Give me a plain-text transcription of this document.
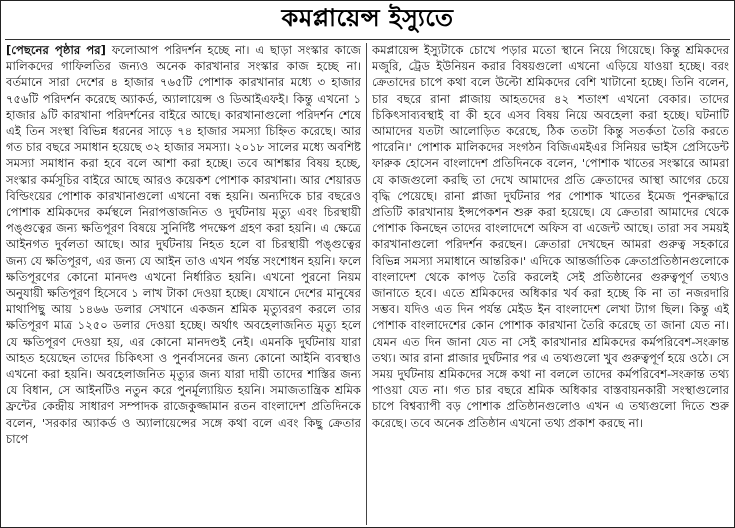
কমপ্লায়েন্স ইস্যুতে

[পেছনের পৃষ্ঠার পর] ফলোআপ পরিদর্শন হচ্ছে না। এ ছাড়া সংস্কার কাজে মালিকদের গাফিলতির জন্যও অনেক কারখানার সংস্কার কাজ হচ্ছে না। বর্তমানে সারা দেশের ৪ হাজার ৭৬৫টি পোশাক কারখানার মধ্যে ৩ হাজার ৭৫৬টি পরিদর্শন করেছে অ্যাকর্ড, অ্যালায়েন্স ও ডিআইএফই। কিন্তু এখনো ১ হাজার ৯টি কারখানা পরিদর্শনের বাইরে আছে। কারখানাগুলো পরিদর্শন শেষে এই তিন সংস্থা বিভিন্ন ধরনের সাড়ে ৭৪ হাজার সমস্যা চিহ্নিত করেছে। আর গত চার বছরে সমাধান হয়েছে ৩২ হাজার সমস্যা। ২০১৮ সালের মধ্যে অবশিষ্ট সমস্যা সমাধান করা হবে বলে আশা করা হচ্ছে। তবে আশঙ্কার বিষয় হচ্ছে, সংস্কার কর্মসূচির বাইরে আছে আরও কয়েকশ পোশাক কারখানা। আর শেয়ারড বিল্ডিংয়ের পোশাক কারখানাগুলো এখনো বন্ধ হয়নি। অন্যদিকে চার বছরেও পোশাক শ্রমিকদের কর্মস্থলে নিরাপত্তাজনিত ও দুর্ঘটনায় মৃত্যু এবং চিরস্থায়ী পঙ্গুত্বের জন্য ক্ষতিপূরণ বিষয়ে সুনির্দিষ্ট পদক্ষেপ গ্রহণ করা হয়নি। এ ক্ষেত্রে আইনগত দুর্বলতা আছে। আর দুর্ঘটনায় নিহত হলে বা চিরস্থায়ী পঙ্গুত্বের জন্য যে ক্ষতিপূরণ, এর জন্য যে আইন তাও এখন পর্যন্ত সংশোধন হয়নি। ফলে ক্ষতিপূরণের কোনো মানদণ্ড এখনো নির্ধারিত হয়নি। এখনো পুরনো নিয়ম অনুযায়ী ক্ষতিপূরণ হিসেবে ১ লাখ টাকা দেওয়া হচ্ছে। যেখানে দেশের মানুষের মাথাপিছু আয় ১৪৬৬ ডলার সেখানে একজন শ্রমিক মৃত্যুবরণ করলে তার ক্ষতিপূরণ মাত্র ১২৫০ ডলার দেওয়া হচ্ছে। অর্থাৎ অবহেলাজনিত মৃত্যু হলে যে ক্ষতিপূরণ দেওয়া হয়, এর কোনো মানদণ্ডই নেই। এমনকি দুর্ঘটনায় যারা আহত হয়েছেন তাদের চিকিৎসা ও পুনর্বাসনের জন্য কোনো আইনি ব্যবস্থাও এখনো করা হয়নি। অবহেলাজনিত মৃত্যুর জন্য যারা দায়ী তাদের শাস্তির জন্য যে বিধান, সে আইনটিও নতুন করে পুনর্মূল্যায়িত হয়নি। সমাজতান্ত্রিক শ্রমিক ফ্রন্টের কেন্দ্রীয় সাধারণ সম্পাদক রাজেকুজ্জামান রতন বাংলাদেশ প্রতিদিনকে বলেন, 'সরকার অ্যাকর্ড ও অ্যালায়েন্সের সঙ্গে কথা বলে এবং কিছু ক্রেতার চাপে

কমপ্লায়েন্স ইস্যুটাকে চোখে পড়ার মতো স্থানে নিয়ে গিয়েছে। কিন্তু শ্রমিকদের মজুরি, ট্রেড ইউনিয়ন করার বিষয়গুলো এখনো এড়িয়ে যাওয়া হচ্ছে। বরং ক্রেতাদের চাপে কথা বলে উল্টো শ্রমিকদের বেশি খাটানো হচ্ছে। তিনি বলেন, চার বছরে রানা প্লাজায় আহতদের ৪২ শতাংশ এখনো বেকার। তাদের চিকিৎসাব্যবস্থাই বা কী হবে এসব বিষয় নিয়ে অবহেলা করা হচ্ছে। ঘটনাটি আমাদের যতটা আলোড়িত করেছে, ঠিক ততটা কিন্তু সতর্কতা তৈরি করতে পারেনি।' পোশাক মালিকদের সংগঠন বিজিএমইএর সিনিয়র ভাইস প্রেসিডেন্ট ফারুক হোসেন বাংলাদেশ প্রতিদিনকে বলেন, 'পোশাক খাতের সংস্কারে আমরা যে কাজগুলো করছি তা দেখে আমাদের প্রতি ক্রেতাদের আস্থা আগের চেয়ে বৃদ্ধি পেয়েছে। রানা প্লাজা দুর্ঘটনার পর পোশাক খাতের ইমেজ পুনরুদ্ধারে প্রতিটি কারখানায় ইন্সপেকশন শুরু করা হয়েছে। যে ক্রেতারা আমাদের থেকে পোশাক কিনছেন তাদের বাংলাদেশে অফিস বা এজেন্ট আছে। তারা সব সময়ই কারখানাগুলো পরিদর্শন করছেন। ক্রেতারা দেখছেন আমরা গুরুত্ব সহকারে বিভিন্ন সমস্যা সমাধানে আন্তরিক।' এদিকে আন্তর্জাতিক ক্রেতাপ্রতিষ্ঠানগুলোকে বাংলাদেশ থেকে কাপড় তৈরি করলেই সেই প্রতিষ্ঠানের গুরুত্বপূর্ণ তথ্যও জানাতে হবে। এতে শ্রমিকদের অধিকার খর্ব করা হচ্ছে কি না তা নজরদারি সম্ভব। যদিও এত দিন পর্যন্ত মেইড ইন বাংলাদেশ লেখা ট্যাগ ছিল। কিন্তু এই পোশাক বাংলাদেশের কোন পোশাক কারখানা তৈরি করেছে তা জানা যেত না। যেমন এত দিন জানা যেত না সেই কারখানার শ্রমিকদের কর্মপরিবেশ-সংক্রান্ত তথ্য। আর রানা প্লাজার দুর্ঘটনার পর এ তথ্যগুলো খুব গুরুত্বপূর্ণ হয়ে ওঠে। সে সময় দুর্ঘটনায় শ্রমিকদের সঙ্গে কথা না বললে তাদের কর্মপরিবেশ-সংক্রান্ত তথ্য পাওয়া যেত না। গত চার বছরে শ্রমিক অধিকার বাস্তবায়নকারী সংস্থাগুলোর চাপে বিশ্বব্যাপী বড় পোশাক প্রতিষ্ঠানগুলোও এখন এ তথ্যগুলো দিতে শুরু করেছে। তবে অনেক প্রতিষ্ঠান এখনো তথ্য প্রকাশ করছে না।
